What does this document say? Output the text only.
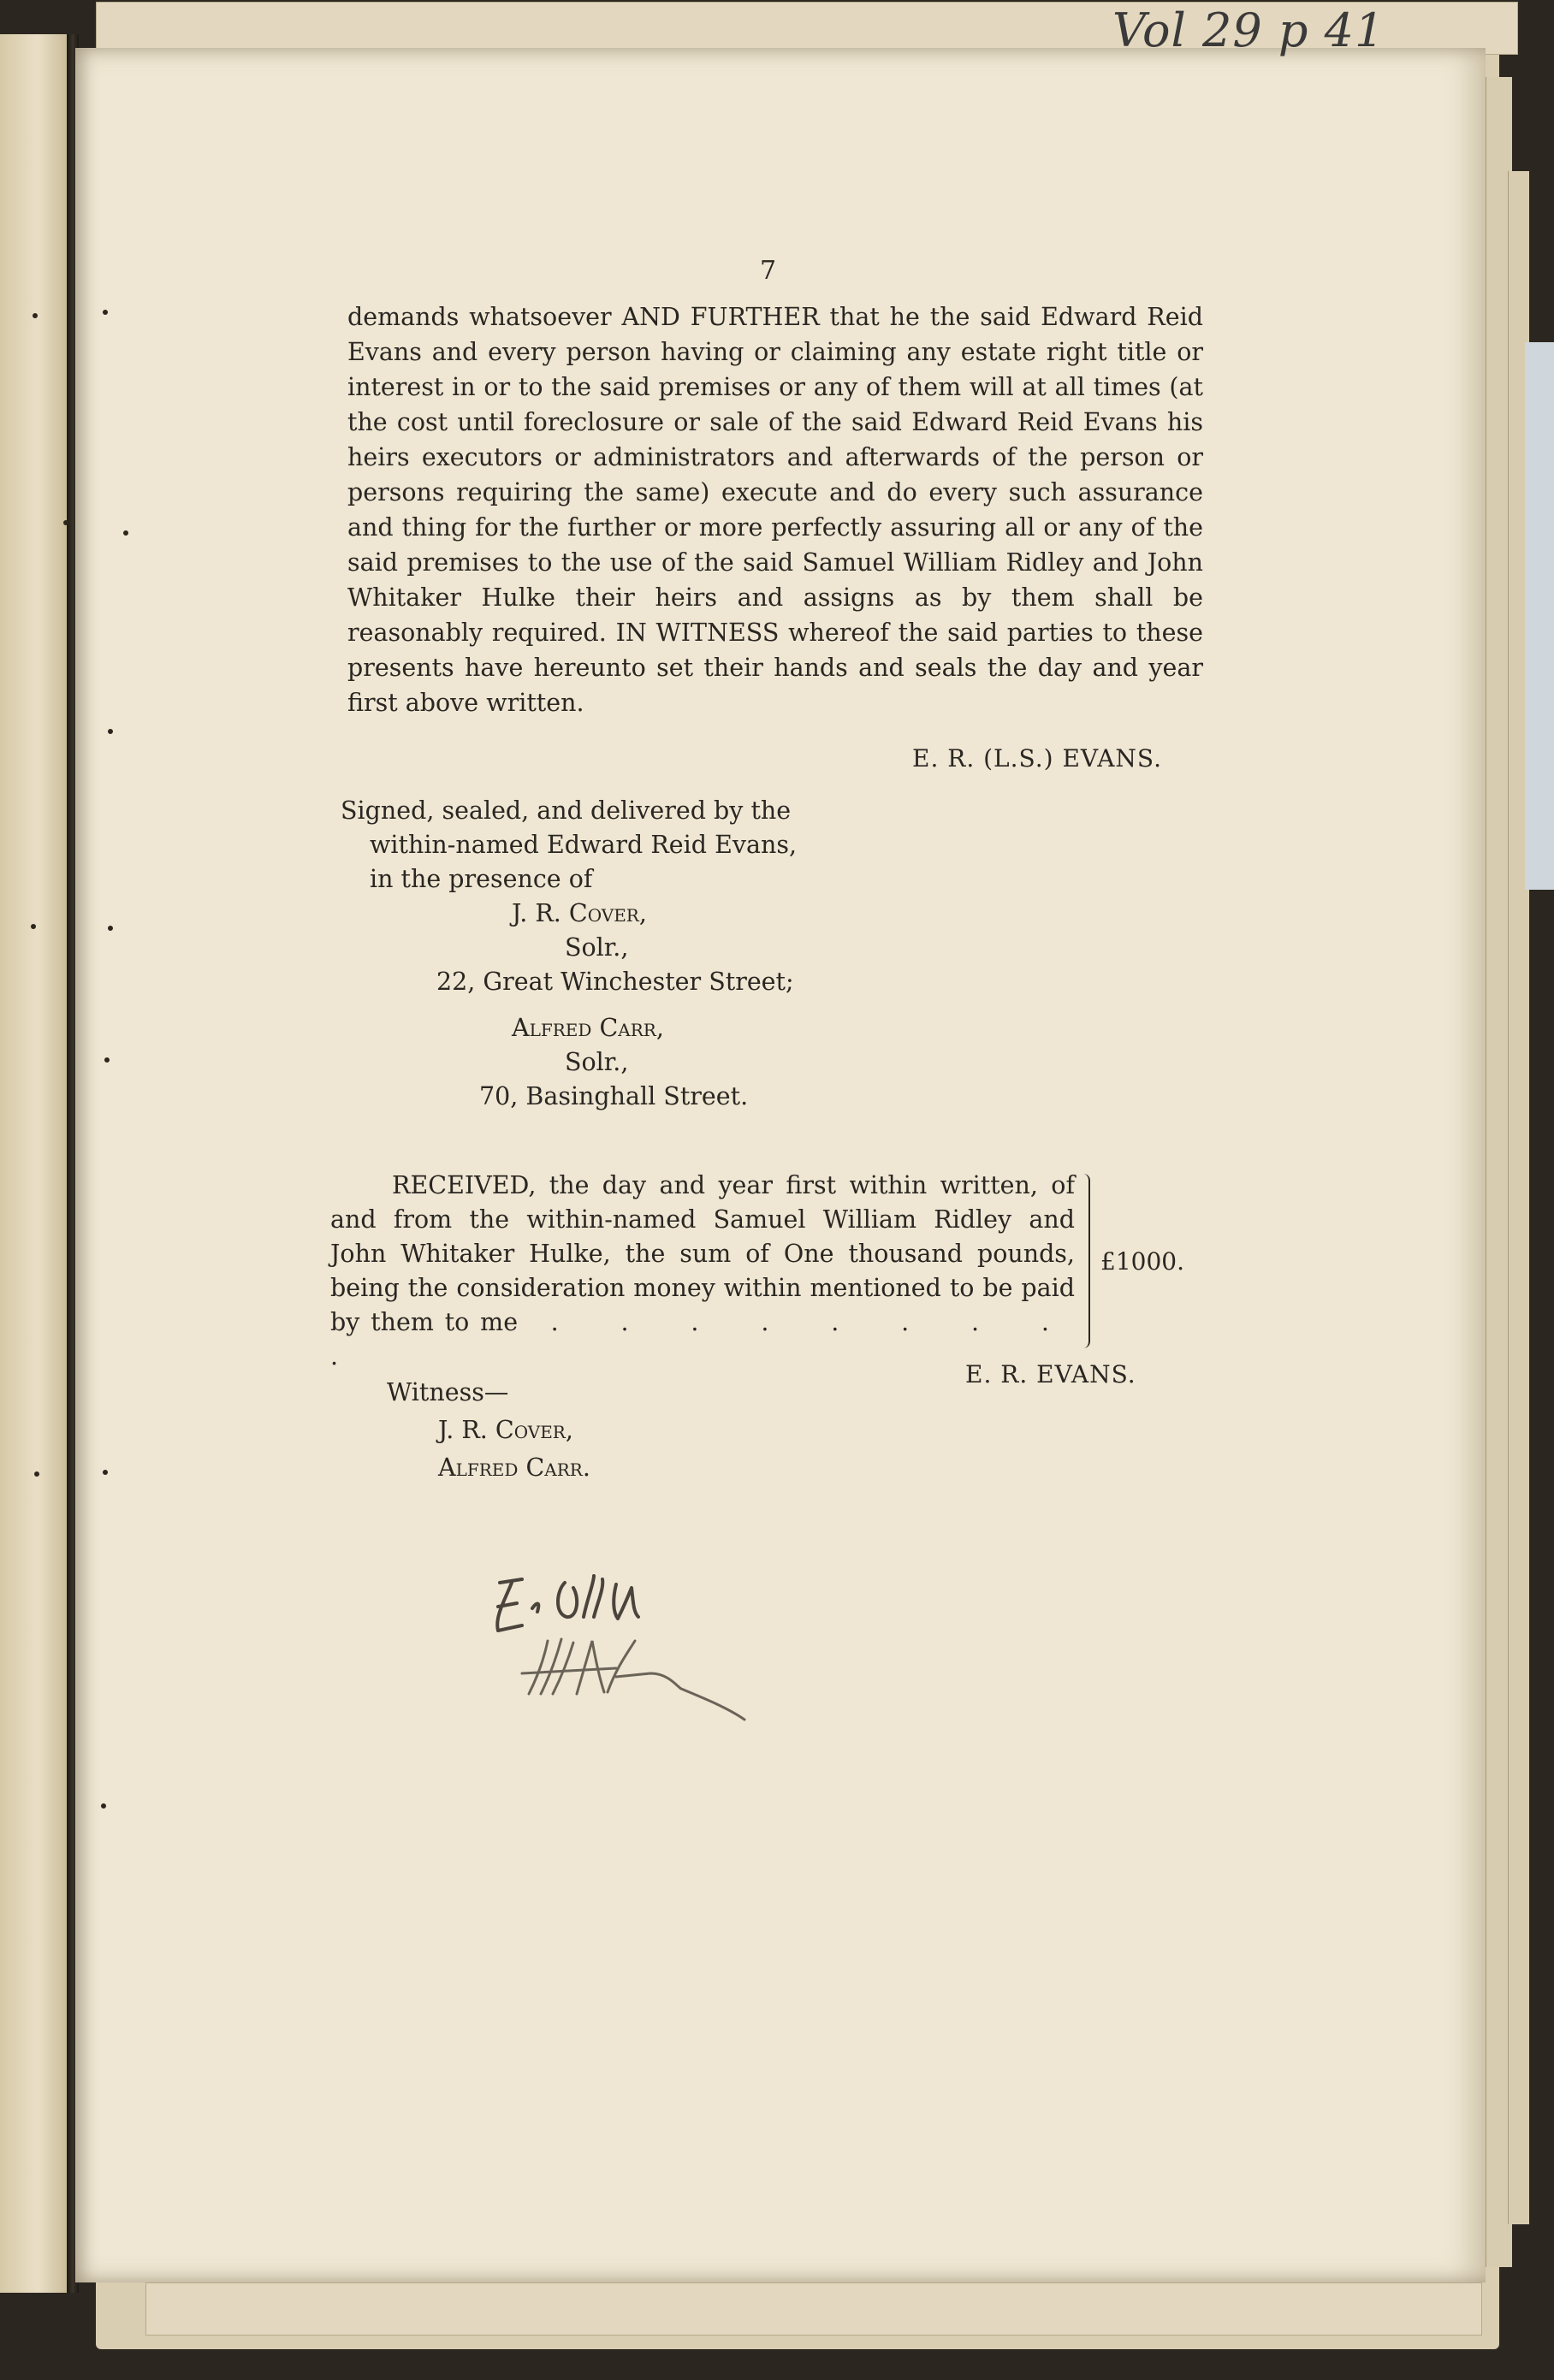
Vol 29 p 41
7

demands whatsoever AND FURTHER that he the said Edward Reid Evans and every person having or claiming any estate right title or interest in or to the said premises or any of them will at all times (at the cost until foreclosure or sale of the said Edward Reid Evans his heirs executors or administrators and afterwards of the person or persons requiring the same) execute and do every such assurance and thing for the further or more perfectly assuring all or any of the said premises to the use of the said Samuel William Ridley and John Whitaker Hulke their heirs and assigns as by them shall be reasonably required. IN WITNESS whereof the said parties to these presents have hereunto set their hands and seals the day and year first above written.

E. R. (L.S.) EVANS.

Signed, sealed, and delivered by the

within-named Edward Reid Evans,

in the presence of

J. R. Cover,

Solr.,

22, Great Winchester Street;

Alfred Carr,

Solr.,

70, Basinghall Street.

RECEIVED, the day and year first within written, of

and from the within-named Samuel William Ridley and

John Whitaker Hulke, the sum of One thousand pounds,

being the consideration money within mentioned to be paid

by them to me . . . . . . . . .

£1000.
E. R. EVANS.

Witness—

J. R. Cover,

Alfred Carr.
